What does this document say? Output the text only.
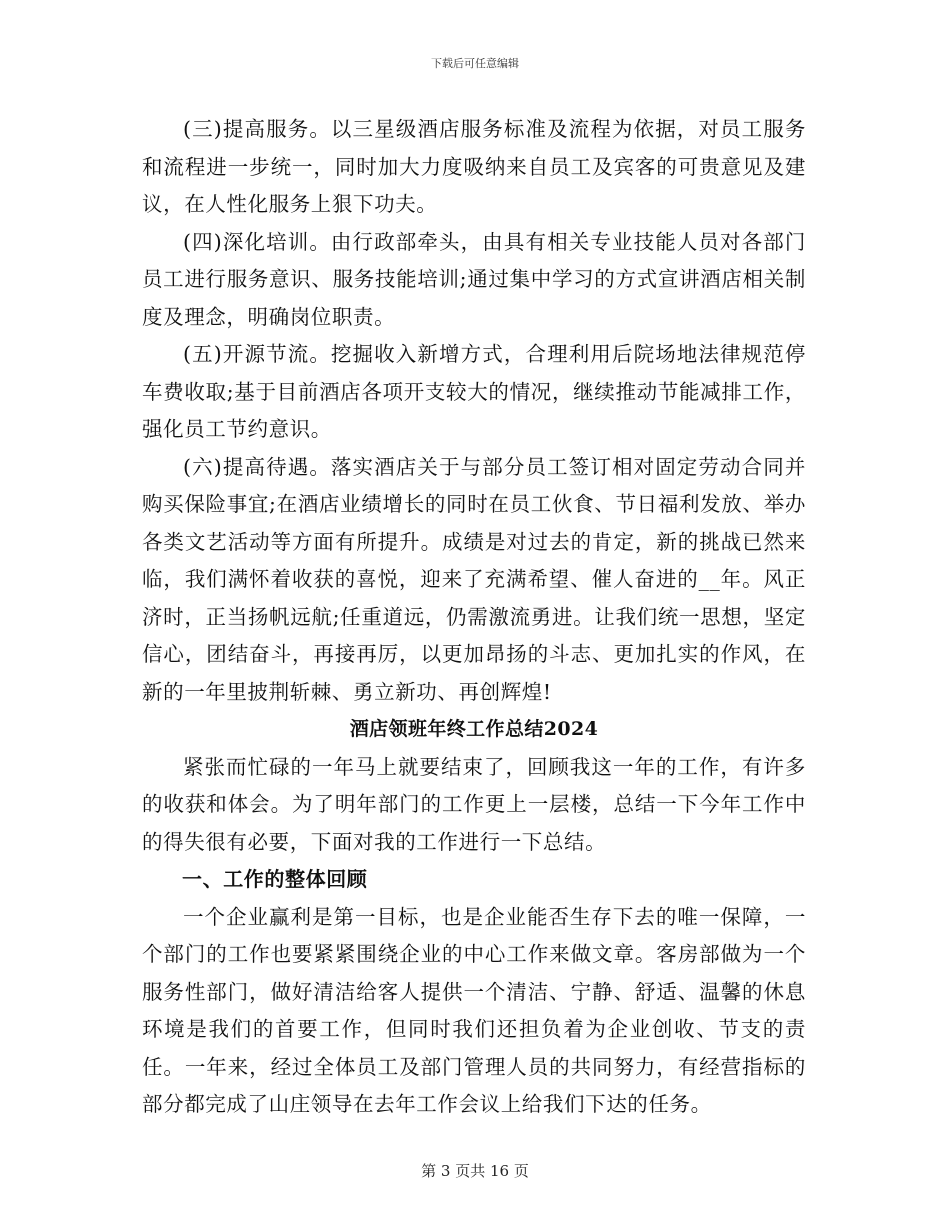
下载后可任意编辑

(三)提高服务。以三星级酒店服务标准及流程为依据，对员工服务和流程进一步统一，同时加大力度吸纳来自员工及宾客的可贵意见及建议，在人性化服务上狠下功夫。

(四)深化培训。由行政部牵头，由具有相关专业技能人员对各部门员工进行服务意识、服务技能培训;通过集中学习的方式宣讲酒店相关制度及理念，明确岗位职责。

(五)开源节流。挖掘收入新增方式，合理利用后院场地法律规范停车费收取;基于目前酒店各项开支较大的情况，继续推动节能减排工作，强化员工节约意识。

(六)提高待遇。落实酒店关于与部分员工签订相对固定劳动合同并购买保险事宜;在酒店业绩增长的同时在员工伙食、节日福利发放、举办各类文艺活动等方面有所提升。成绩是对过去的肯定，新的挑战已然来临，我们满怀着收获的喜悦，迎来了充满希望、催人奋进的__年。风正济时，正当扬帆远航;任重道远，仍需激流勇进。让我们统一思想，坚定信心，团结奋斗，再接再厉，以更加昂扬的斗志、更加扎实的作风，在新的一年里披荆斩棘、勇立新功、再创辉煌!

酒店领班年终工作总结2024

紧张而忙碌的一年马上就要结束了，回顾我这一年的工作，有许多的收获和体会。为了明年部门的工作更上一层楼，总结一下今年工作中的得失很有必要，下面对我的工作进行一下总结。

一、工作的整体回顾

一个企业赢利是第一目标，也是企业能否生存下去的唯一保障，一个部门的工作也要紧紧围绕企业的中心工作来做文章。客房部做为一个服务性部门，做好清洁给客人提供一个清洁、宁静、舒适、温馨的休息环境是我们的首要工作，但同时我们还担负着为企业创收、节支的责任。一年来，经过全体员工及部门管理人员的共同努力，有经营指标的部分都完成了山庄领导在去年工作会议上给我们下达的任务。

第 3 页共 16 页
